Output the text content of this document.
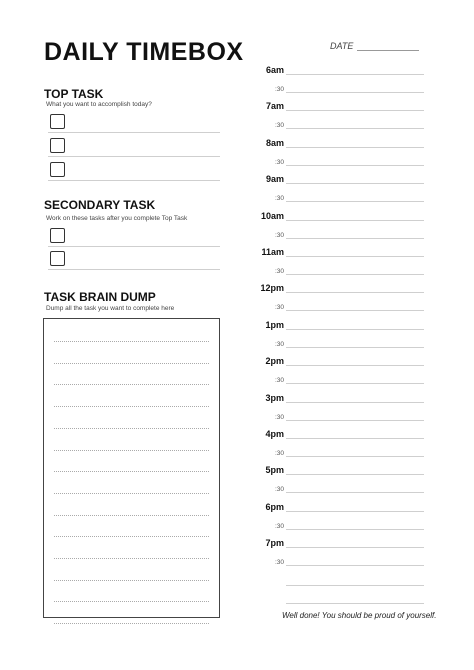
DAILY TIMEBOX	DATE
TOP TASK
What you want to accomplish today?
SECONDARY TASK
Work on these tasks after you complete Top Task
TASK BRAIN DUMP
Dump all the task you want to complete here
6am
:30
7am
:30
8am
:30
9am
:30
10am
:30
11am
:30
12pm
:30
1pm
:30
2pm
:30
3pm
:30
4pm
:30
5pm
:30
6pm
:30
7pm
:30
Well done! You should be proud of yourself.
